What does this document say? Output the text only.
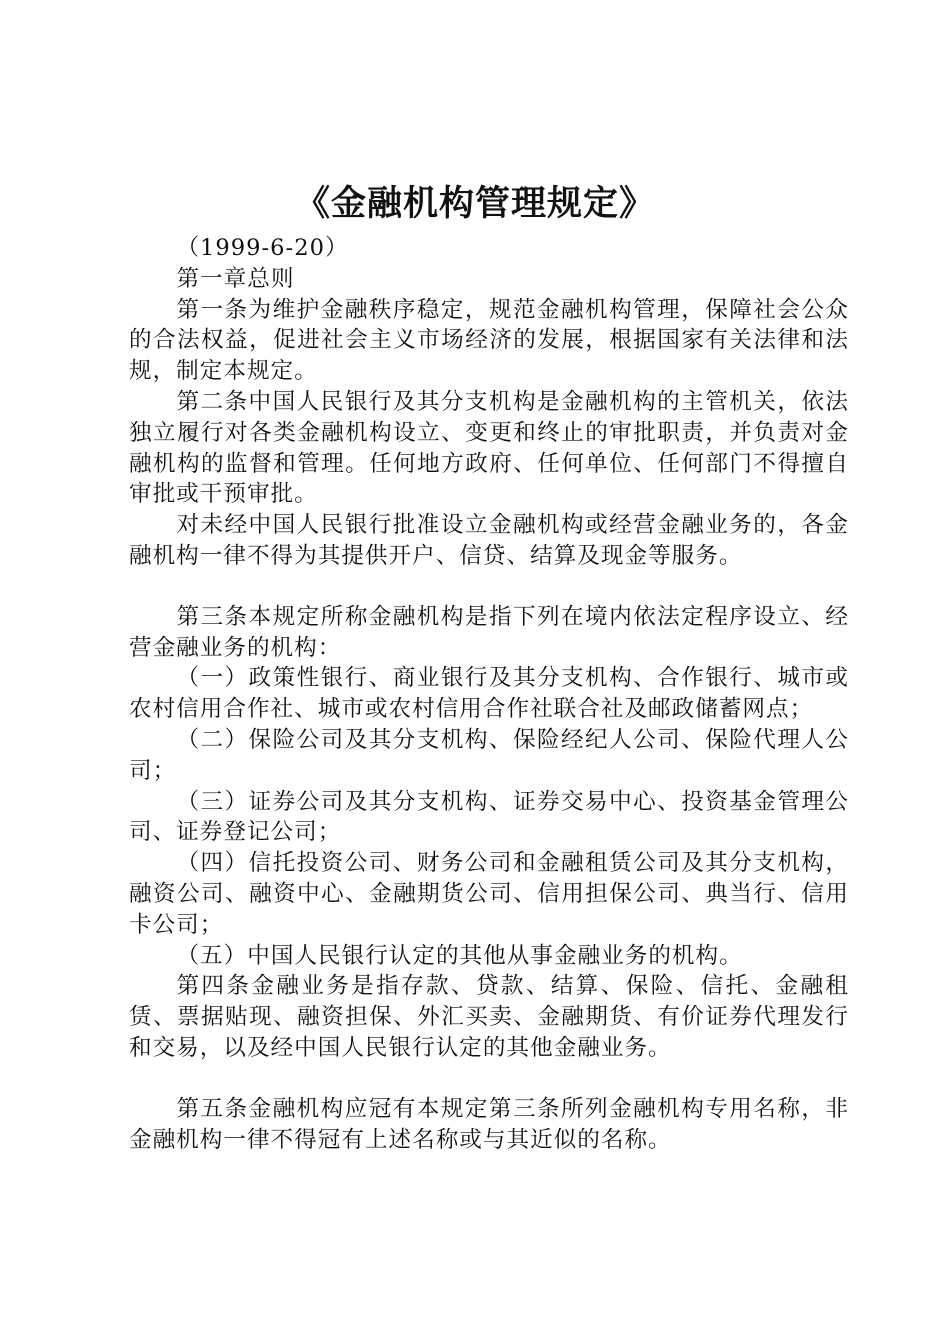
《金融机构管理规定》

（1999-6-20）

第一章总则

第一条为维护金融秩序稳定，规范金融机构管理，保障社会公众的合法权益，促进社会主义市场经济的发展，根据国家有关法律和法规，制定本规定。

第二条中国人民银行及其分支机构是金融机构的主管机关，依法独立履行对各类金融机构设立、变更和终止的审批职责，并负责对金融机构的监督和管理。任何地方政府、任何单位、任何部门不得擅自审批或干预审批。

对未经中国人民银行批准设立金融机构或经营金融业务的，各金融机构一律不得为其提供开户、信贷、结算及现金等服务。

第三条本规定所称金融机构是指下列在境内依法定程序设立、经营金融业务的机构：

（一）政策性银行、商业银行及其分支机构、合作银行、城市或农村信用合作社、城市或农村信用合作社联合社及邮政储蓄网点；

（二）保险公司及其分支机构、保险经纪人公司、保险代理人公司；

（三）证券公司及其分支机构、证券交易中心、投资基金管理公司、证券登记公司；

（四）信托投资公司、财务公司和金融租赁公司及其分支机构，融资公司、融资中心、金融期货公司、信用担保公司、典当行、信用卡公司；

（五）中国人民银行认定的其他从事金融业务的机构。

第四条金融业务是指存款、贷款、结算、保险、信托、金融租赁、票据贴现、融资担保、外汇买卖、金融期货、有价证券代理发行和交易，以及经中国人民银行认定的其他金融业务。

第五条金融机构应冠有本规定第三条所列金融机构专用名称，非金融机构一律不得冠有上述名称或与其近似的名称。
